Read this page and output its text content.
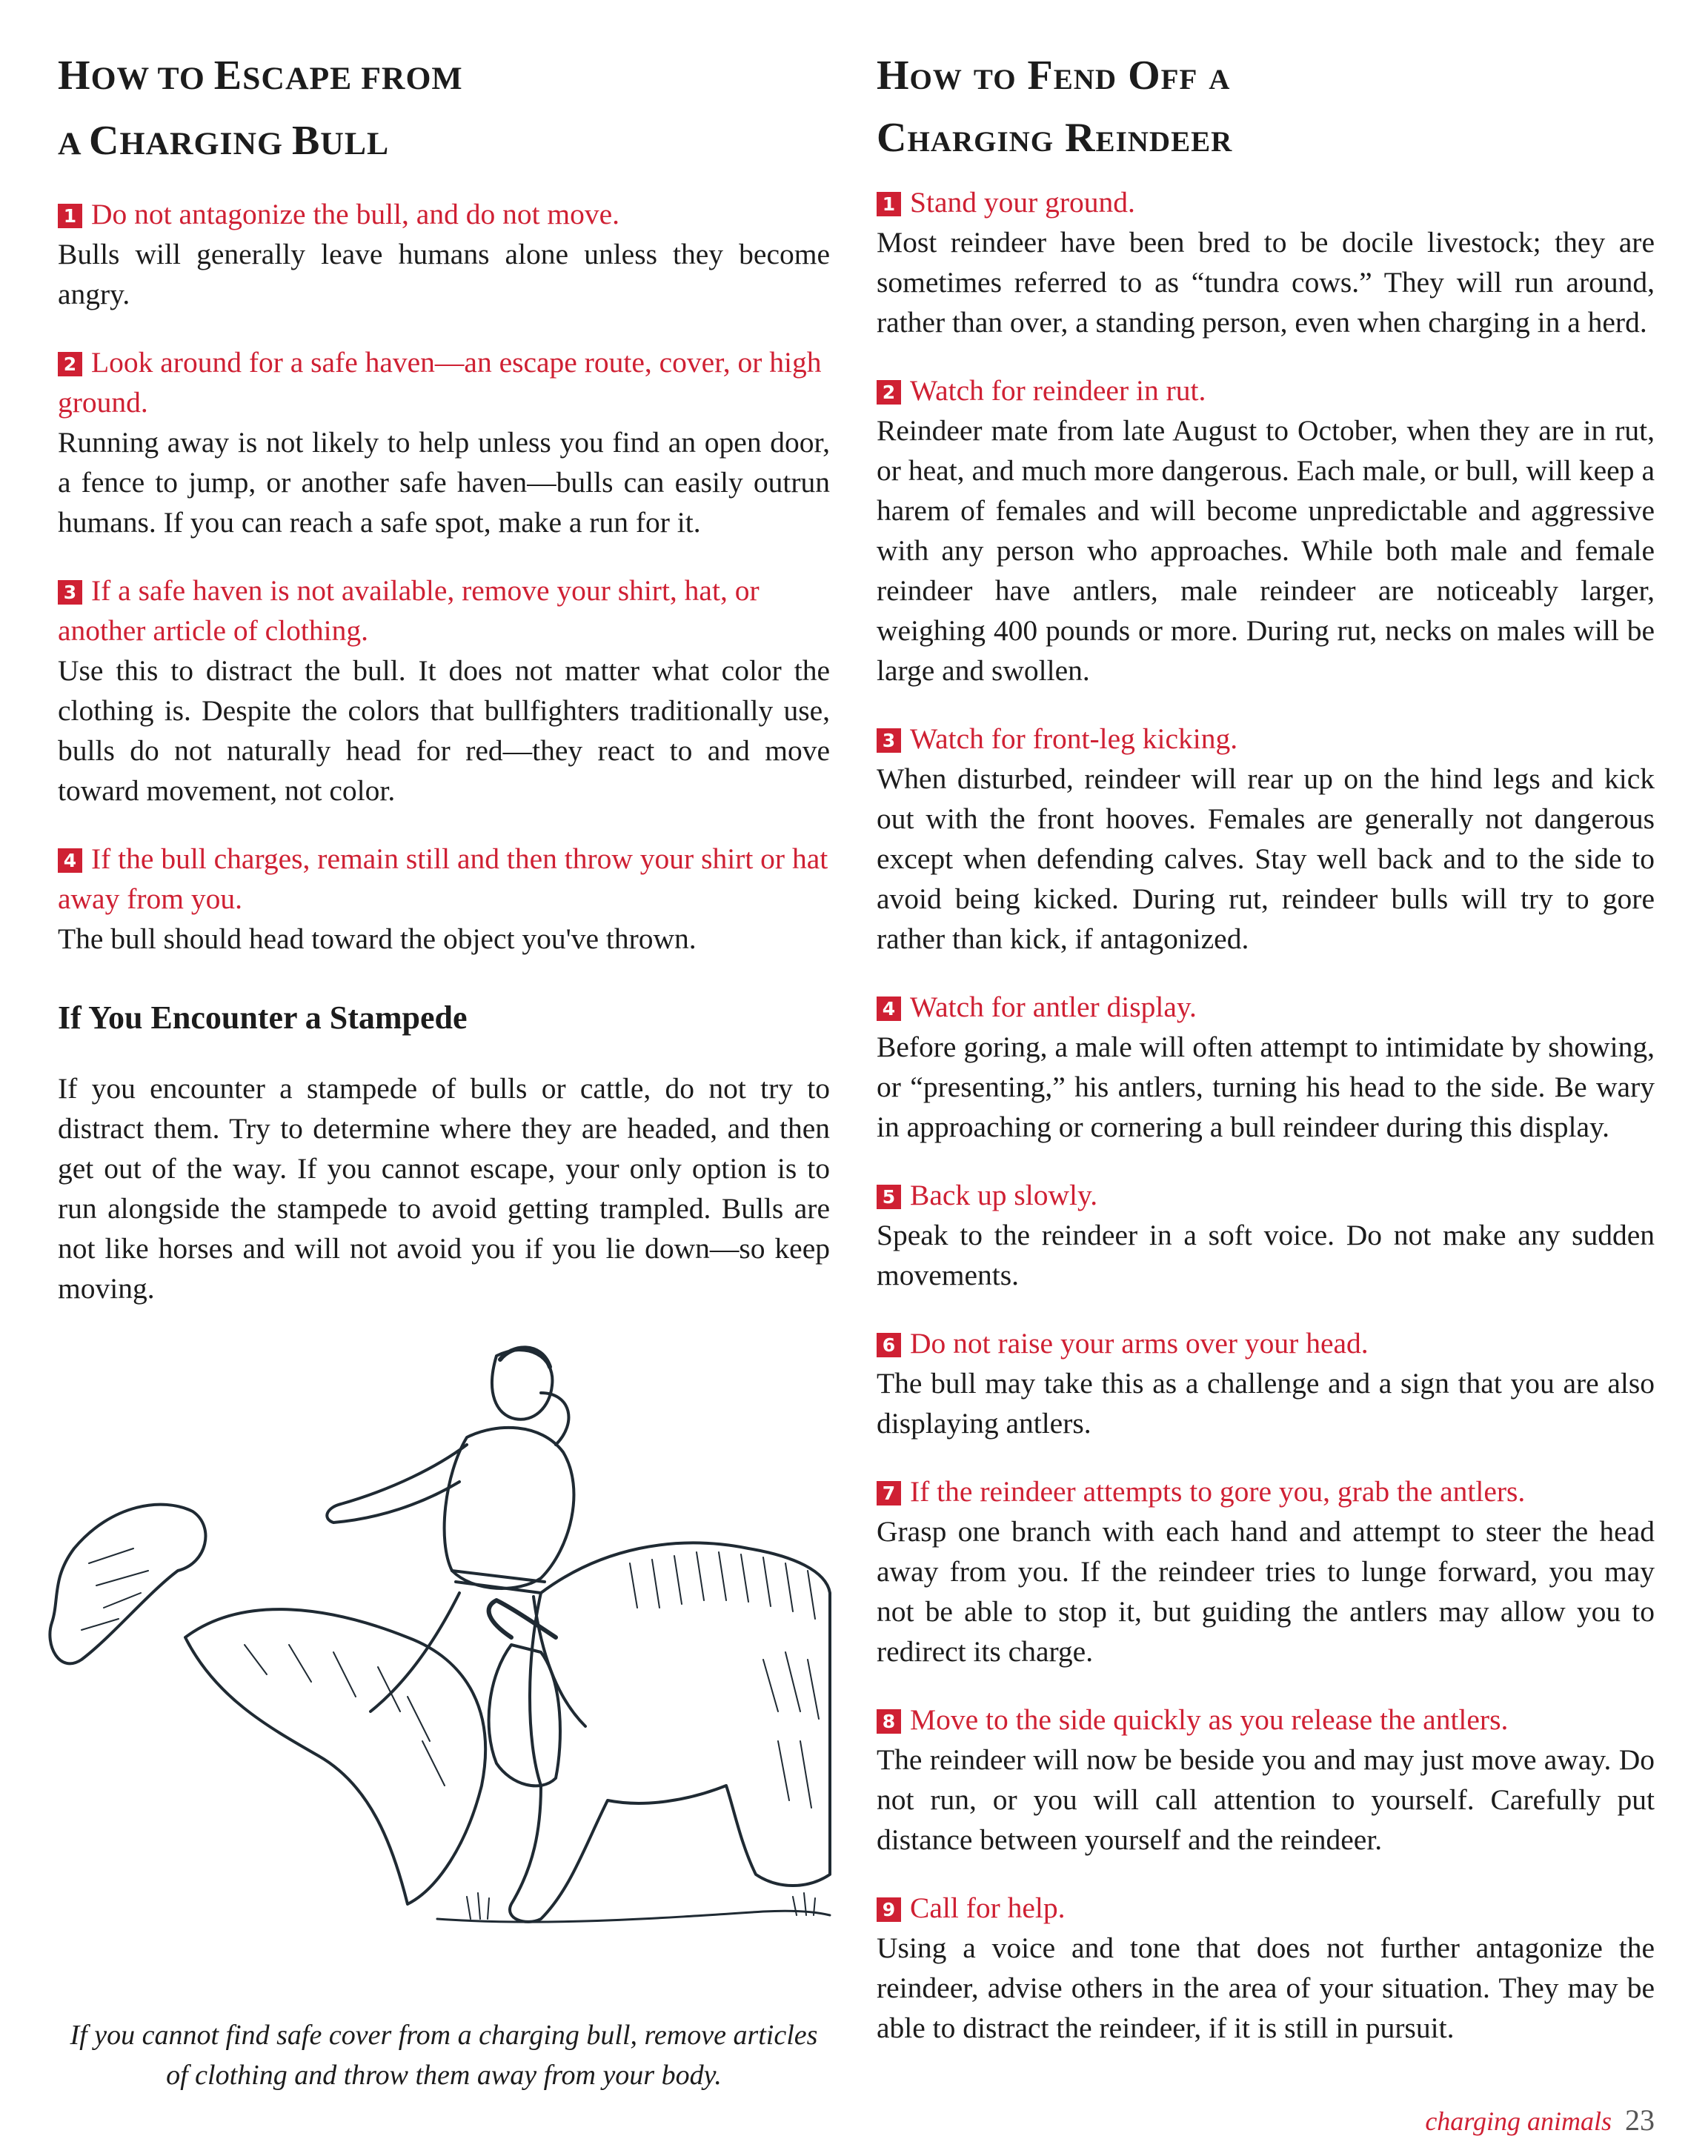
HOW TO ESCAPE FROM
A CHARGING BULL

1 Do not antagonize the bull, and do not move.

Bulls will generally leave humans alone unless they become angry.

2 Look around for a safe haven—an escape route, cover, or high ground.

Running away is not likely to help unless you find an open door, a fence to jump, or another safe haven—bulls can easily outrun humans. If you can reach a safe spot, make a run for it.

3 If a safe haven is not available, remove your shirt, hat, or another article of clothing.

Use this to distract the bull. It does not matter what color the clothing is. Despite the colors that bullfighters traditionally use, bulls do not naturally head for red—they react to and move toward movement, not color.

4 If the bull charges, remain still and then throw your shirt or hat away from you.

The bull should head toward the object you've thrown.

If You Encounter a Stampede

If you encounter a stampede of bulls or cattle, do not try to distract them. Try to determine where they are headed, and then get out of the way. If you cannot escape, your only option is to run alongside the stampede to avoid getting trampled. Bulls are not like horses and will not avoid you if you lie down—so keep moving.

If you cannot find safe cover from a charging bull, remove articles of clothing and throw them away from your body.

How to Fend Off a
Charging Reindeer

1 Stand your ground.

Most reindeer have been bred to be docile livestock; they are sometimes referred to as “tundra cows.” They will run around, rather than over, a standing person, even when charging in a herd.

2 Watch for reindeer in rut.

Reindeer mate from late August to October, when they are in rut, or heat, and much more dangerous. Each male, or bull, will keep a harem of females and will become unpredictable and aggressive with any person who approaches. While both male and female reindeer have antlers, male reindeer are noticeably larger, weighing 400 pounds or more. During rut, necks on males will be large and swollen.

3 Watch for front-leg kicking.

When disturbed, reindeer will rear up on the hind legs and kick out with the front hooves. Females are generally not dangerous except when defending calves. Stay well back and to the side to avoid being kicked. During rut, reindeer bulls will try to gore rather than kick, if antagonized.

4 Watch for antler display.

Before goring, a male will often attempt to intimidate by showing, or “presenting,” his antlers, turning his head to the side. Be wary in approaching or cornering a bull reindeer during this display.

5 Back up slowly.

Speak to the reindeer in a soft voice. Do not make any sudden movements.

6 Do not raise your arms over your head.

The bull may take this as a challenge and a sign that you are also displaying antlers.

7 If the reindeer attempts to gore you, grab the antlers.

Grasp one branch with each hand and attempt to steer the head away from you. If the reindeer tries to lunge forward, you may not be able to stop it, but guiding the antlers may allow you to redirect its charge.

8 Move to the side quickly as you release the antlers.

The reindeer will now be beside you and may just move away. Do not run, or you will call attention to yourself. Carefully put distance between yourself and the reindeer.

9 Call for help.

Using a voice and tone that does not further antagonize the reindeer, advise others in the area of your situation. They may be able to distract the reindeer, if it is still in pursuit.

charging animals 23
